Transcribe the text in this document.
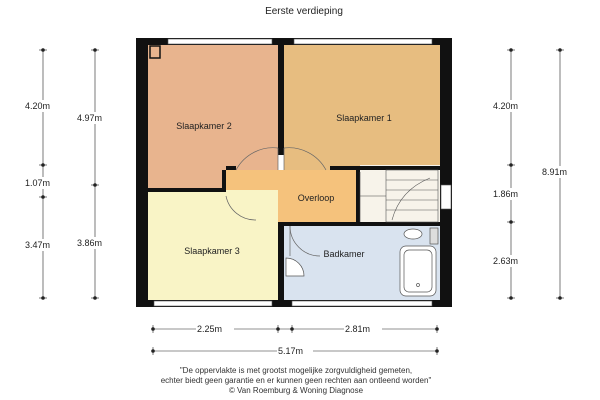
Eerste verdieping
Slaapkamer 2
Slaapkamer 1
Overloop
Slaapkamer 3	Badkamer
4.20m
1.07m
3.47m
4.97m
3.86m
4.20m
1.86m
2.63m
8.91m
2.25m	2.81m
5.17m
"De oppervlakte is met grootst mogelijke zorgvuldigheid gemeten,
echter biedt geen garantie en er kunnen geen rechten aan ontleend worden"
© Van Roemburg & Woning Diagnose
